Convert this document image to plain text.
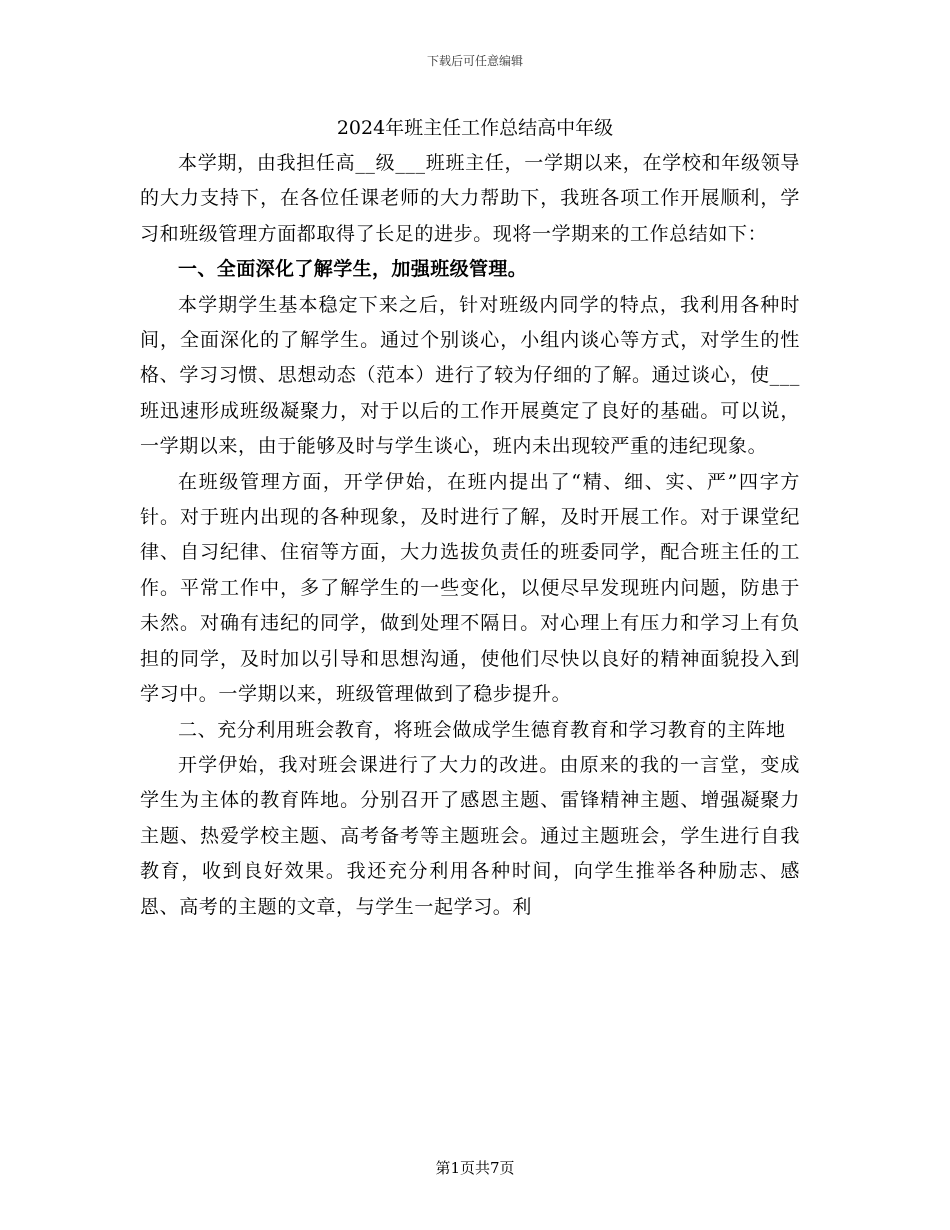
下载后可任意编辑
2024年班主任工作总结高中年级

本学期，由我担任高__级___班班主任，一学期以来，在学校和年级领导的大力支持下，在各位任课老师的大力帮助下，我班各项工作开展顺利，学习和班级管理方面都取得了长足的进步。现将一学期来的工作总结如下：

一、全面深化了解学生，加强班级管理。

本学期学生基本稳定下来之后，针对班级内同学的特点，我利用各种时间，全面深化的了解学生。通过个别谈心，小组内谈心等方式，对学生的性格、学习习惯、思想动态（范本）进行了较为仔细的了解。通过谈心，使___班迅速形成班级凝聚力，对于以后的工作开展奠定了良好的基础。可以说，一学期以来，由于能够及时与学生谈心，班内未出现较严重的违纪现象。

在班级管理方面，开学伊始，在班内提出了“精、细、实、严”四字方针。对于班内出现的各种现象，及时进行了解，及时开展工作。对于课堂纪律、自习纪律、住宿等方面，大力选拔负责任的班委同学，配合班主任的工作。平常工作中，多了解学生的一些变化，以便尽早发现班内问题，防患于未然。对确有违纪的同学，做到处理不隔日。对心理上有压力和学习上有负担的同学，及时加以引导和思想沟通，使他们尽快以良好的精神面貌投入到学习中。一学期以来，班级管理做到了稳步提升。

二、充分利用班会教育，将班会做成学生德育教育和学习教育的主阵地

开学伊始，我对班会课进行了大力的改进。由原来的我的一言堂，变成学生为主体的教育阵地。分别召开了感恩主题、雷锋精神主题、增强凝聚力主题、热爱学校主题、高考备考等主题班会。通过主题班会，学生进行自我教育，收到良好效果。我还充分利用各种时间，向学生推举各种励志、感恩、高考的主题的文章，与学生一起学习。利

第1页共7页
